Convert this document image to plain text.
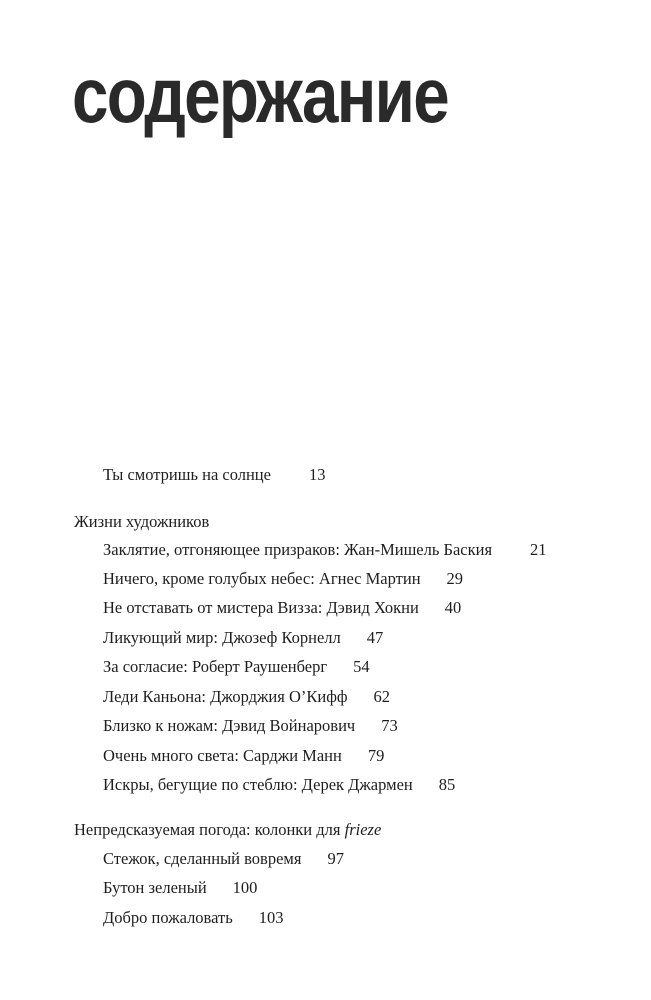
содержание
Ты смотришь на солнце 13
Жизни художников
Заклятие, отгоняющее призраков: Жан-Мишель Баския 21
Ничего, кроме голубых небес: Агнес Мартин 29
Не отставать от мистера Визза: Дэвид Хокни 40
Ликующий мир: Джозеф Корнелл 47
За согласие: Роберт Раушенберг 54
Леди Каньона: Джорджия О’Кифф 62
Близко к ножам: Дэвид Войнарович 73
Очень много света: Сарджи Манн 79
Искры, бегущие по стеблю: Дерек Джармен 85
Непредсказуемая погода: колонки для frieze
Стежок, сделанный вовремя 97
Бутон зеленый 100
Добро пожаловать 103
